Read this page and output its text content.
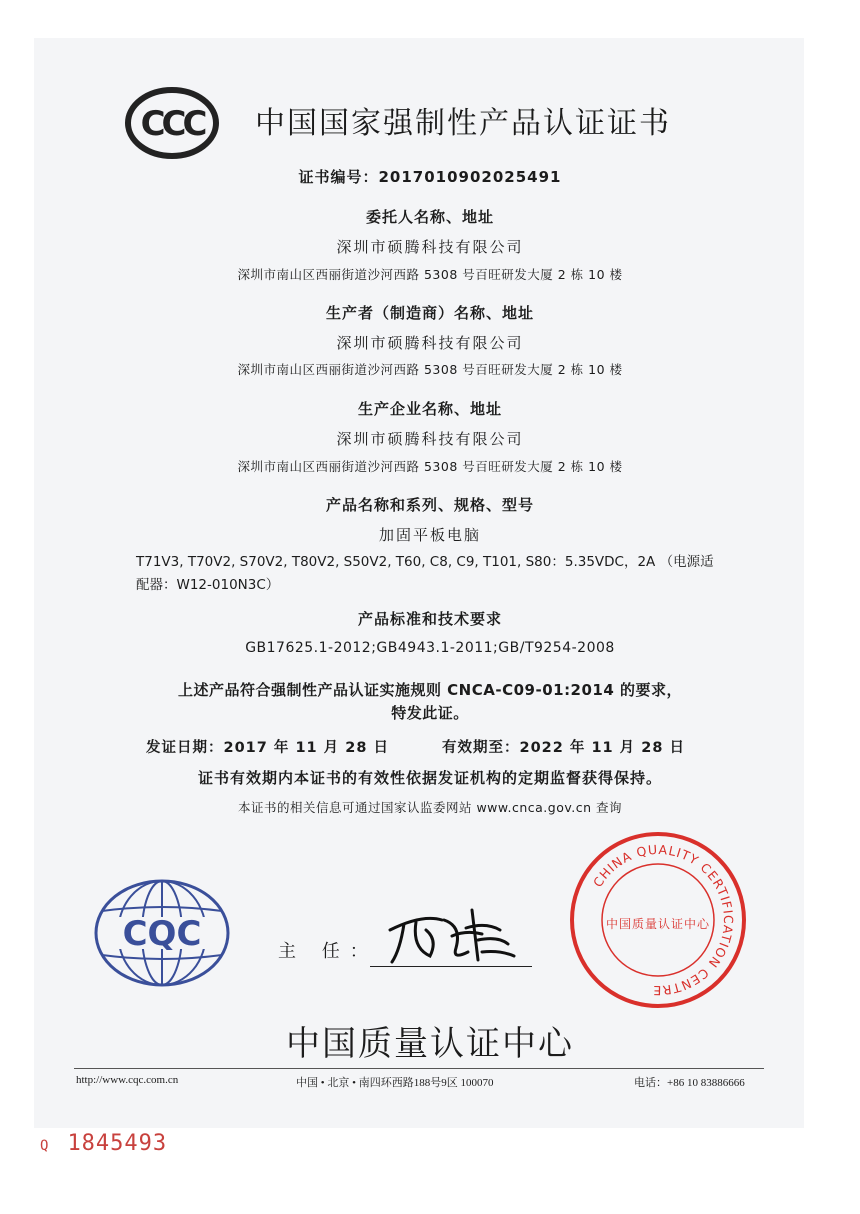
CCC 中国国家强制性产品认证证书
证书编号：2017010902025491
委托人名称、地址
深圳市硕腾科技有限公司
深圳市南山区西丽街道沙河西路 5308 号百旺研发大厦 2 栋 10 楼
生产者（制造商）名称、地址
深圳市硕腾科技有限公司
深圳市南山区西丽街道沙河西路 5308 号百旺研发大厦 2 栋 10 楼
生产企业名称、地址
深圳市硕腾科技有限公司
深圳市南山区西丽街道沙河西路 5308 号百旺研发大厦 2 栋 10 楼
产品名称和系列、规格、型号
加固平板电脑
T71V3, T70V2, S70V2, T80V2, S50V2, T60, C8, C9, T101, S80：5.35VDC，2A （电源适
配器：W12-010N3C）
产品标准和技术要求
GB17625.1-2012;GB4943.1-2011;GB/T9254-2008
上述产品符合强制性产品认证实施规则 CNCA-C09-01:2014 的要求，
特发此证。
发证日期：2017 年 11 月 28 日	有效期至：2022 年 11 月 28 日
证书有效期内本证书的有效性依据发证机构的定期监督获得保持。
本证书的相关信息可通过国家认监委网站 www.cnca.gov.cn 查询
CQC	主 任：
CHINA QUALITY CERTIFICATION CENTRE
中国质量认证中心
中国质量认证中心
http://www.cqc.com.cn	中国 • 北京 • 南四环西路188号9区 100070	电话：+86 10 83886666
Q 1845493
